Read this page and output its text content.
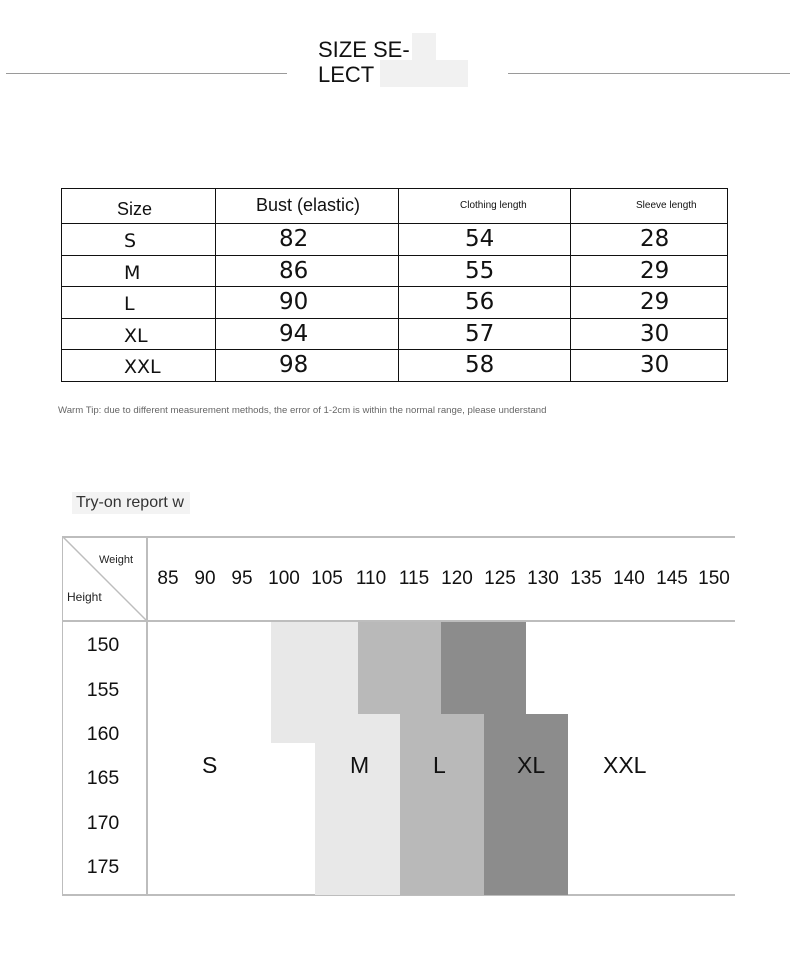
SIZE SE-
LECT
Size	Bust (elastic)	Clothing length	Sleeve length
S	82	54	28
M	86	55	29
L	90	56	29
XL	94	57	30
XXL	98	58	30
Warm Tip: due to different measurement methods, the error of 1-2cm is within the normal range, please understand
Try-on report w
Weight
Height
85 90 95 100 105 110 115 120 125 130 135 140 145 150
150
155
160
165
170
175
S	M	L	XL	XXL
